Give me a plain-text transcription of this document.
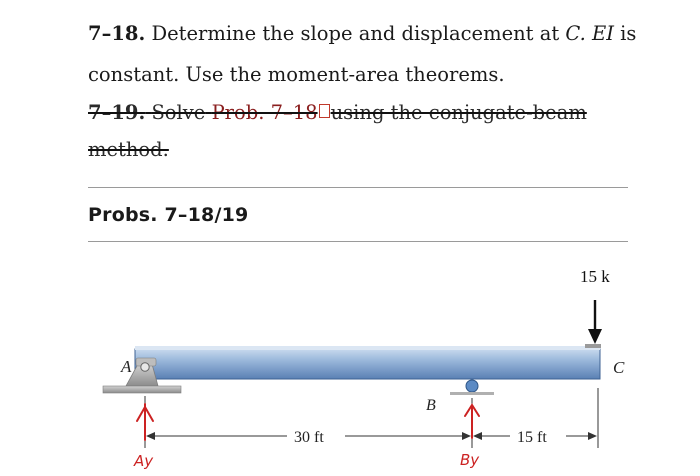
7–18. Determine the slope and displacement at C. EI is
constant. Use the moment-area theorems.
7–19. Solve Prob. 7–18 using the conjugate-beam
method.
Probs. 7–18/19
15 k
A
B
C
30 ft	15 ft
Ay	By
